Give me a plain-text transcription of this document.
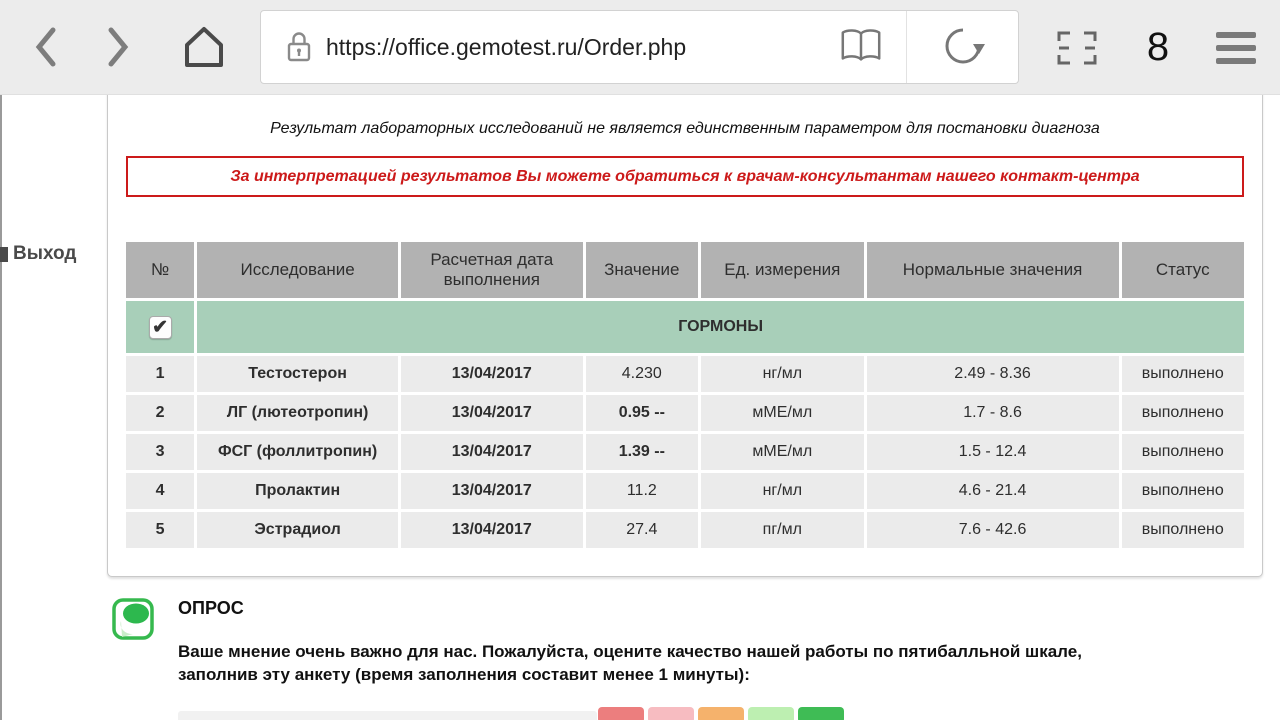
https://office.gemotest.ru/Order.php	8
Выход

Результат лабораторных исследований не является единственным параметром для постановки диагноза

За интерпретацией результатов Вы можете обратиться к врачам-консультантам нашего контакт-центра
№	Исследование	Расчетная дата выполнения	Значение	Ед. измерения	Нормальные значения	Статус
✔	ГОРМОНЫ					
1	Тестостерон	13/04/2017	4.230	нг/мл	2.49 - 8.36	выполнено
2	ЛГ (лютеотропин)	13/04/2017	0.95 --	мМЕ/мл	1.7 - 8.6	выполнено
3	ФСГ (фоллитропин)	13/04/2017	1.39 --	мМЕ/мл	1.5 - 12.4	выполнено
4	Пролактин	13/04/2017	11.2	нг/мл	4.6 - 21.4	выполнено
5	Эстрадиол	13/04/2017	27.4	пг/мл	7.6 - 42.6	выполнено
ОПРОС

Ваше мнение очень важно для нас. Пожалуйста, оцените качество нашей работы по пятибалльной шкале, заполнив эту анкету (время заполнения составит менее 1 минуты):
